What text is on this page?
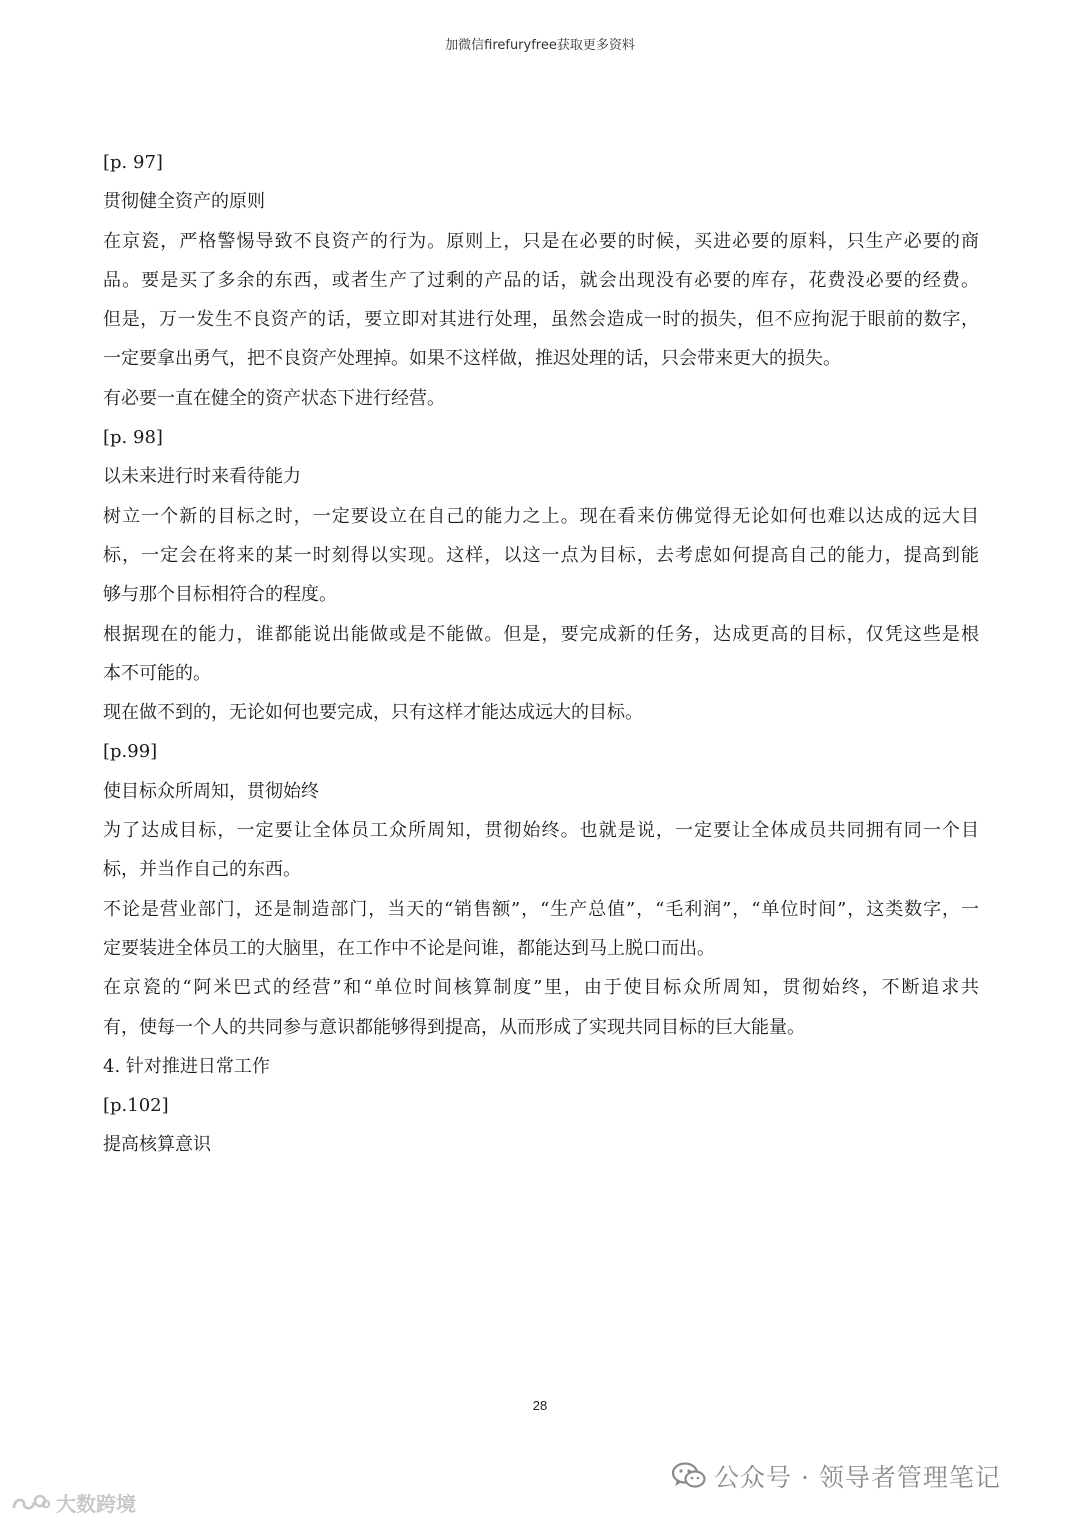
加微信firefuryfree获取更多资料
[p. 97]
贯彻健全资产的原则
在京瓷，严格警惕导致不良资产的行为。原则上，只是在必要的时候，买进必要的原料，只生产必要的商
品。要是买了多余的东西，或者生产了过剩的产品的话，就会出现没有必要的库存，花费没必要的经费。
但是，万一发生不良资产的话，要立即对其进行处理，虽然会造成一时的损失，但不应拘泥于眼前的数字，
一定要拿出勇气，把不良资产处理掉。如果不这样做，推迟处理的话，只会带来更大的损失。
有必要一直在健全的资产状态下进行经营。
[p. 98]
以未来进行时来看待能力
树立一个新的目标之时，一定要设立在自己的能力之上。现在看来仿佛觉得无论如何也难以达成的远大目
标，一定会在将来的某一时刻得以实现。这样，以这一点为目标，去考虑如何提高自己的能力，提高到能
够与那个目标相符合的程度。
根据现在的能力，谁都能说出能做或是不能做。但是，要完成新的任务，达成更高的目标，仅凭这些是根
本不可能的。
现在做不到的，无论如何也要完成，只有这样才能达成远大的目标。
[p.99]
使目标众所周知，贯彻始终
为了达成目标，一定要让全体员工众所周知，贯彻始终。也就是说，一定要让全体成员共同拥有同一个目
标，并当作自己的东西。
不论是营业部门，还是制造部门，当天的“销售额”，“生产总值”，“毛利润”，“单位时间”，这类数字，一
定要装进全体员工的大脑里，在工作中不论是问谁，都能达到马上脱口而出。
在京瓷的“阿米巴式的经营”和“单位时间核算制度”里，由于使目标众所周知，贯彻始终，不断追求共
有，使每一个人的共同参与意识都能够得到提高，从而形成了实现共同目标的巨大能量。
4. 针对推进日常工作
[p.102]
提高核算意识
28
公众号 · 领导者管理笔记
大数跨境
